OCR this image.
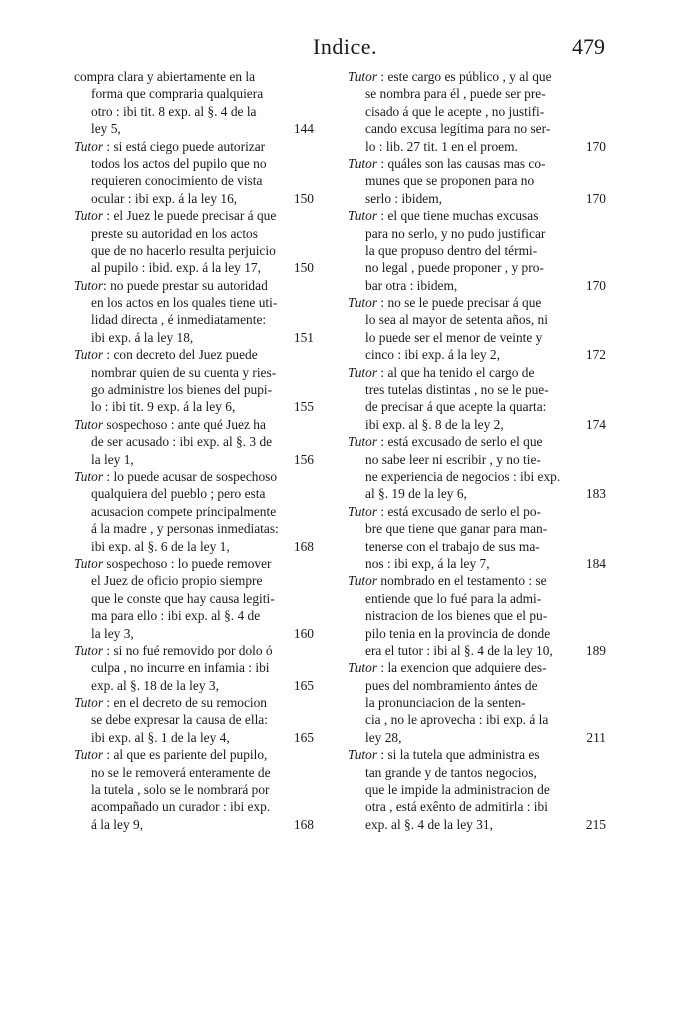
Indice.	479
compra clara y abiertamente en la
forma que compraria qualquiera
otro : ibi tit. 8 exp. al §. 4 de la
ley 5,	144
Tutor : si está ciego puede autorizar
todos los actos del pupilo que no
requieren conocimiento de vista
ocular : ibi exp. á la ley 16,	150
Tutor : el Juez le puede precisar á que
preste su autoridad en los actos
que de no hacerlo resulta perjuicio
al pupilo : ibid. exp. á la ley 17, 150
Tutor: no puede prestar su autoridad
en los actos en los quales tiene uti-
lidad directa , é inmediatamente:
ibi exp. á la ley 18,	151
Tutor : con decreto del Juez puede
nombrar quien de su cuenta y ries-
go administre los bienes del pupi-
lo : ibi tit. 9 exp. á la ley 6,	155
Tutor sospechoso : ante qué Juez ha
de ser acusado : ibi exp. al §. 3 de
la ley 1,	156
Tutor : lo puede acusar de sospechoso
qualquiera del pueblo ; pero esta
acusacion compete principalmente
á la madre , y personas inmediatas:
ibi exp. al §. 6 de la ley 1,	168
Tutor sospechoso : lo puede remover
el Juez de oficio propio siempre
que le conste que hay causa legiti-
ma para ello : ibi exp. al §. 4 de
la ley 3,	160
Tutor : si no fué removido por dolo ó
culpa , no incurre en infamia : ibi
exp. al §. 18 de la ley 3,	165
Tutor : en el decreto de su remocion
se debe expresar la causa de ella:
ibi exp. al §. 1 de la ley 4,	165
Tutor : al que es pariente del pupilo,
no se le removerá enteramente de
la tutela , solo se le nombrará por
acompañado un curador : ibi exp.
á la ley 9,	168
Tutor : este cargo es público , y al que
se nombra para él , puede ser pre-
cisado á que le acepte , no justifi-
cando excusa legítima para no ser-
lo : lib. 27 tit. 1 en el proem.	170
Tutor : quáles son las causas mas co-
munes que se proponen para no
serlo : ibidem,	170
Tutor : el que tiene muchas excusas
para no serlo, y no pudo justificar
la que propuso dentro del térmi-
no legal , puede proponer , y pro-
bar otra : ibidem,	170
Tutor : no se le puede precisar á que
lo sea al mayor de setenta años, ni
lo puede ser el menor de veinte y
cinco : ibi exp. á la ley 2,	172
Tutor : al que ha tenido el cargo de
tres tutelas distintas , no se le pue-
de precisar á que acepte la quarta:
ibi exp. al §. 8 de la ley 2,	174
Tutor : está excusado de serlo el que
no sabe leer ni escribir , y no tie-
ne experiencia de negocios : ibi exp.
al §. 19 de la ley 6,	183
Tutor : está excusado de serlo el po-
bre que tiene que ganar para man-
tenerse con el trabajo de sus ma-
nos : ibi exp, á la ley 7,	184
Tutor nombrado en el testamento : se
entiende que lo fué para la admi-
nistracion de los bienes que el pu-
pilo tenia en la provincia de donde
era el tutor : ibi al §. 4 de la ley 10, 189
Tutor : la exencion que adquiere des-
pues del nombramiento ántes de
la pronunciacion de la senten-
cia , no le aprovecha : ibi exp. á la
ley 28,	211
Tutor : si la tutela que administra es
tan grande y de tantos negocios,
que le impide la administracion de
otra , está exênto de admitirla : ibi
exp. al §. 4 de la ley 31,	215
